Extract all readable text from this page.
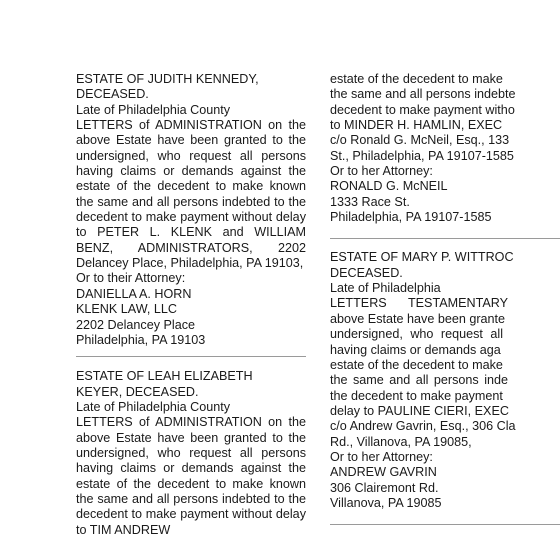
ESTATE OF JUDITH KENNEDY, DECEASED.

Late of Philadelphia County

LETTERS of ADMINISTRATION on the above Estate have been granted to the undersigned, who request all persons having claims or demands against the estate of the decedent to make known the same and all persons indebted to the decedent to make payment without delay to PETER L. KLENK and WILLIAM BENZ, ADMINISTRATORS, 2202 Delancey Place, Philadelphia, PA 19103,

Or to their Attorney:

DANIELLA A. HORN

KLENK LAW, LLC

2202 Delancey Place

Philadelphia, PA 19103

ESTATE OF LEAH ELIZABETH KEYER, DECEASED.

Late of Philadelphia County

LETTERS of ADMINISTRATION on the above Estate have been granted to the undersigned, who request all persons having claims or demands against the estate of the decedent to make known the same and all persons indebted to the decedent to make payment without delay to TIM ANDREW

estate of the decedent to make
the same and all persons indebte
decedent to make payment witho
to MINDER H. HAMLIN, EXEC
c/o Ronald G. McNeil, Esq., 133
St., Philadelphia, PA 19107-1585
Or to her Attorney:
RONALD G. McNEIL
1333 Race St.
Philadelphia, PA 19107-1585
ESTATE OF MARY P. WITTROC
DECEASED.
Late of Philadelphia
LETTERS TESTAMENTARY
above Estate have been grante
undersigned, who request all
having claims or demands aga
estate of the decedent to make
the same and all persons inde
the decedent to make payment
delay to PAULINE CIERI, EXEC
c/o Andrew Gavrin, Esq., 306 Cla
Rd., Villanova, PA 19085,
Or to her Attorney:
ANDREW GAVRIN
306 Clairemont Rd.
Villanova, PA 19085
